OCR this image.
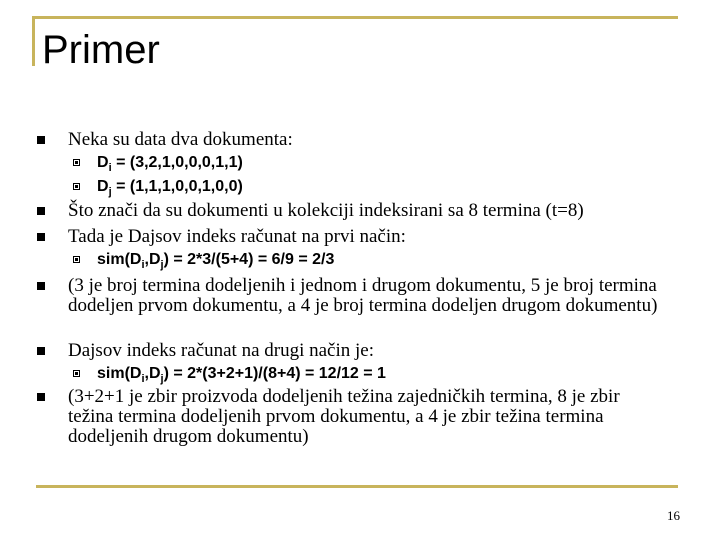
Primer
Neka su data dva dokumenta:
$D_i = (3,2,1,0,0,0,1,1)$
$D_j = (1,1,1,0,0,1,0,0)$
Što znači da su dokumenti u kolekciji indeksirani sa 8 termina (t=8)
Tada je Dajsov indeks računat na prvi način:
$sim(D_i,D_j) = 2*3/(5+4) = 6/9 = 2/3$
(3 je broj termina dodeljenih i jednom i drugom dokumentu, 5 je broj termina dodeljen prvom dokumentu, a 4 je broj termina dodeljen drugom dokumentu)
Dajsov indeks računat na drugi način je:
$sim(D_i,D_j) = 2*(3+2+1)/(8+4) = 12/12 = 1$
(3+2+1 je zbir proizvoda dodeljenih težina zajedničkih termina, 8 je zbir težina termina dodeljenih prvom dokumentu, a 4 je zbir težina termina dodeljenih drugom dokumentu)
16
